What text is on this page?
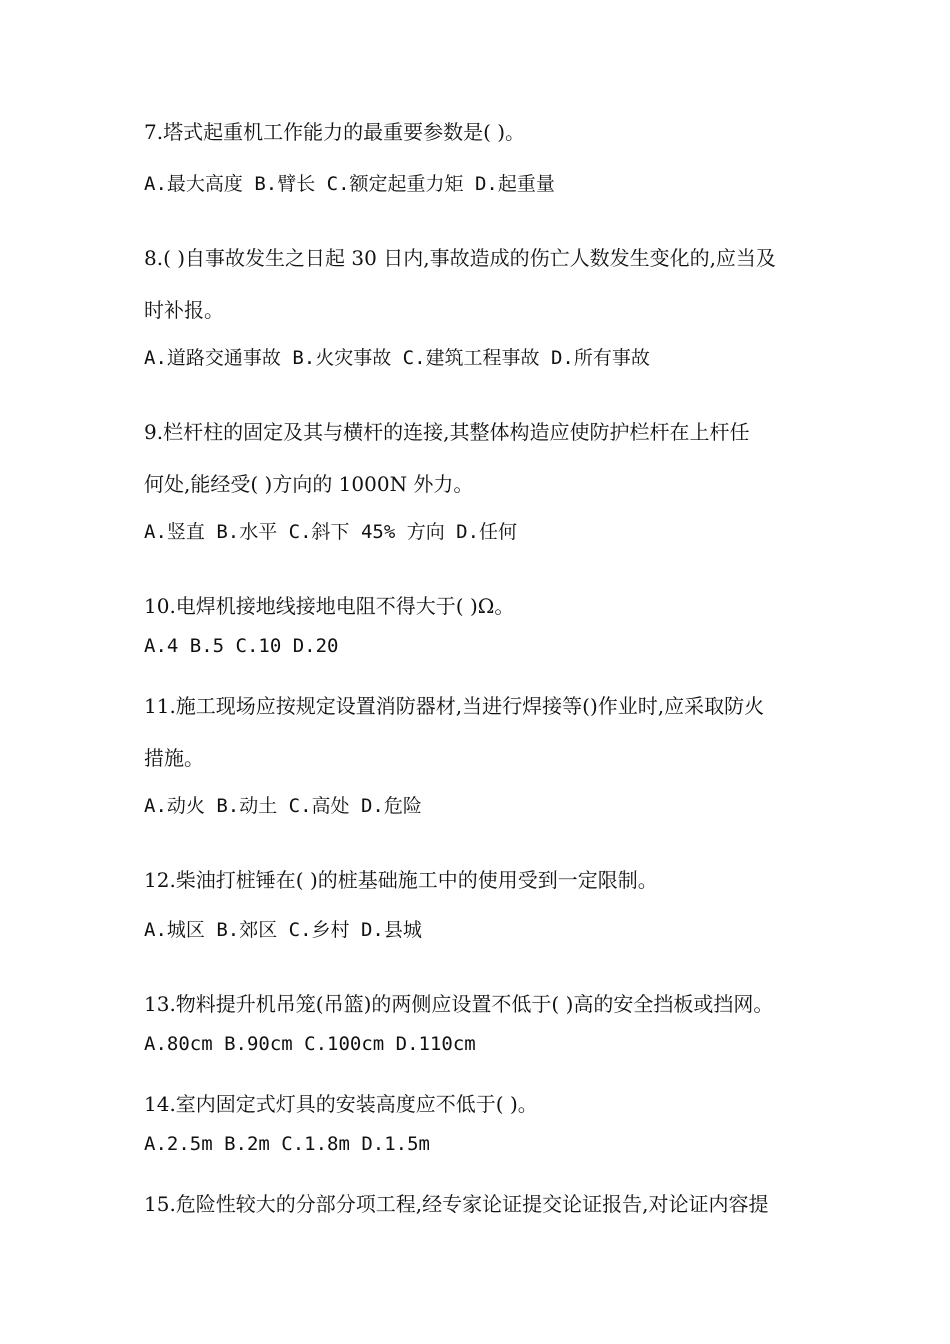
7.塔式起重机工作能力的最重要参数是( )。
A.最大高度 B.臂长 C.额定起重力矩 D.起重量
8.( )自事故发生之日起 30 日内,事故造成的伤亡人数发生变化的,应当及
时补报。
A.道路交通事故 B.火灾事故 C.建筑工程事故 D.所有事故
9.栏杆柱的固定及其与横杆的连接,其整体构造应使防护栏杆在上杆任
何处,能经受( )方向的 1000N 外力。
A.竖直 B.水平 C.斜下 45% 方向 D.任何
10.电焊机接地线接地电阻不得大于( )Ω。
A.4 B.5 C.10 D.20
11.施工现场应按规定设置消防器材,当进行焊接等()作业时,应采取防火
措施。
A.动火 B.动土 C.高处 D.危险
12.柴油打桩锤在( )的桩基础施工中的使用受到一定限制。
A.城区 B.郊区 C.乡村 D.县城
13.物料提升机吊笼(吊篮)的两侧应设置不低于( )高的安全挡板或挡网。
A.80cm B.90cm C.100cm D.110cm
14.室内固定式灯具的安装高度应不低于( )。
A.2.5m B.2m C.1.8m D.1.5m
15.危险性较大的分部分项工程,经专家论证提交论证报告,对论证内容提
